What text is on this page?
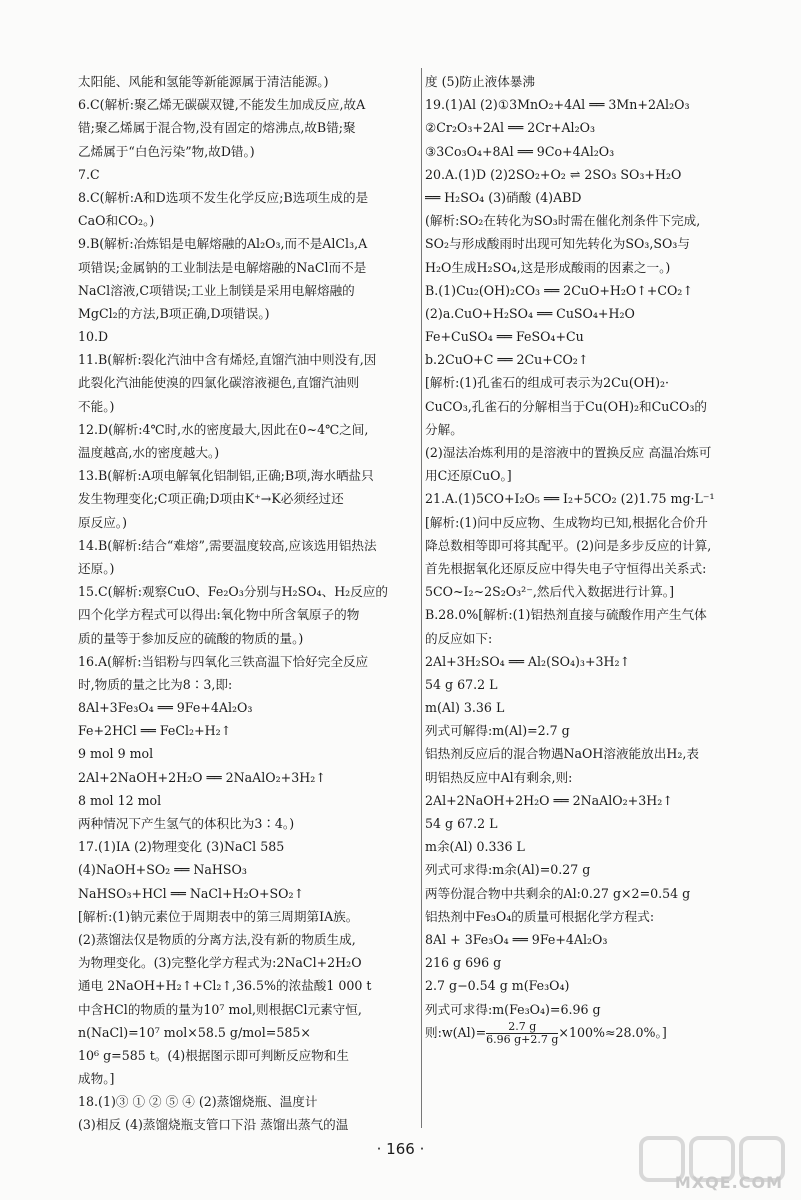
太阳能、风能和氢能等新能源属于清洁能源。)
6.C(解析:聚乙烯无碳碳双键,不能发生加成反应,故A
错;聚乙烯属于混合物,没有固定的熔沸点,故B错;聚
乙烯属于“白色污染”物,故D错。)
7.C
8.C(解析:A和D选项不发生化学反应;B选项生成的是
CaO和CO₂。)
9.B(解析:冶炼铝是电解熔融的Al₂O₃,而不是AlCl₃,A
项错误;金属钠的工业制法是电解熔融的NaCl而不是
NaCl溶液,C项错误;工业上制镁是采用电解熔融的
MgCl₂的方法,B项正确,D项错误。)
10.D
11.B(解析:裂化汽油中含有烯烃,直馏汽油中则没有,因
此裂化汽油能使溴的四氯化碳溶液褪色,直馏汽油则
不能。)
12.D(解析:4℃时,水的密度最大,因此在0~4℃之间,
温度越高,水的密度越大。)
13.B(解析:A项电解氧化铝制铝,正确;B项,海水晒盐只
发生物理变化;C项正确;D项由K⁺→K必须经过还
原反应。)
14.B(解析:结合“难熔”,需要温度较高,应该选用铝热法
还原。)
15.C(解析:观察CuO、Fe₂O₃分别与H₂SO₄、H₂反应的
四个化学方程式可以得出:氧化物中所含氧原子的物
质的量等于参加反应的硫酸的物质的量。)
16.A(解析:当铝粉与四氧化三铁高温下恰好完全反应
时,物质的量之比为8∶3,即:
8Al+3Fe₃O₄ ══ 9Fe+4Al₂O₃
Fe+2HCl ══ FeCl₂+H₂↑
9 mol 9 mol
2Al+2NaOH+2H₂O ══ 2NaAlO₂+3H₂↑
8 mol 12 mol
两种情况下产生氢气的体积比为3∶4。)
17.(1)ⅠA (2)物理变化 (3)NaCl 585
(4)NaOH+SO₂ ══ NaHSO₃
NaHSO₃+HCl ══ NaCl+H₂O+SO₂↑
[解析:(1)钠元素位于周期表中的第三周期第ⅠA族。
(2)蒸馏法仅是物质的分离方法,没有新的物质生成,
为物理变化。(3)完整化学方程式为:2NaCl+2H₂O
通电 2NaOH+H₂↑+Cl₂↑,36.5%的浓盐酸1 000 t
中含HCl的物质的量为10⁷ mol,则根据Cl元素守恒,
n(NaCl)=10⁷ mol×58.5 g/mol=585×
10⁶ g=585 t。(4)根据图示即可判断反应物和生
成物。]
18.(1)③ ① ② ⑤ ④ (2)蒸馏烧瓶、温度计
(3)相反 (4)蒸馏烧瓶支管口下沿 蒸馏出蒸气的温
度 (5)防止液体暴沸
19.(1)Al (2)①3MnO₂+4Al ══ 3Mn+2Al₂O₃
②Cr₂O₃+2Al ══ 2Cr+Al₂O₃
③3Co₃O₄+8Al ══ 9Co+4Al₂O₃
20.A.(1)D (2)2SO₂+O₂ ⇌ 2SO₃ SO₃+H₂O
══ H₂SO₄ (3)硝酸 (4)ABD
(解析:SO₂在转化为SO₃时需在催化剂条件下完成,
SO₂与形成酸雨时出现可知先转化为SO₃,SO₃与
H₂O生成H₂SO₄,这是形成酸雨的因素之一。)
B.(1)Cu₂(OH)₂CO₃ ══ 2CuO+H₂O↑+CO₂↑
(2)a.CuO+H₂SO₄ ══ CuSO₄+H₂O
Fe+CuSO₄ ══ FeSO₄+Cu
b.2CuO+C ══ 2Cu+CO₂↑
[解析:(1)孔雀石的组成可表示为2Cu(OH)₂·
CuCO₃,孔雀石的分解相当于Cu(OH)₂和CuCO₃的
分解。
(2)湿法冶炼利用的是溶液中的置换反应 高温冶炼可
用C还原CuO。]
21.A.(1)5CO+I₂O₅ ══ I₂+5CO₂ (2)1.75 mg·L⁻¹
[解析:(1)问中反应物、生成物均已知,根据化合价升
降总数相等即可将其配平。(2)问是多步反应的计算,
首先根据氧化还原反应中得失电子守恒得出关系式:
5CO~I₂~2S₂O₃²⁻,然后代入数据进行计算。]
B.28.0%[解析:(1)铝热剂直接与硫酸作用产生气体
的反应如下:
2Al+3H₂SO₄ ══ Al₂(SO₄)₃+3H₂↑
54 g 67.2 L
m(Al) 3.36 L
列式可解得:m(Al)=2.7 g
铝热剂反应后的混合物遇NaOH溶液能放出H₂,表
明铝热反应中Al有剩余,则:
2Al+2NaOH+2H₂O ══ 2NaAlO₂+3H₂↑
54 g 67.2 L
m余(Al) 0.336 L
列式可求得:m余(Al)=0.27 g
两等份混合物中共剩余的Al:0.27 g×2=0.54 g
铝热剂中Fe₃O₄的质量可根据化学方程式:
8Al + 3Fe₃O₄ ══ 9Fe+4Al₂O₃
216 g 696 g
2.7 g−0.54 g m(Fe₃O₄)
列式可求得:m(Fe₃O₄)=6.96 g
则:w(Al)= $\frac{2.7 g}{6.96 g+2.7 g} \times 100\%\approx 28.0\%$。]
· 166 ·
MXQE.COM
